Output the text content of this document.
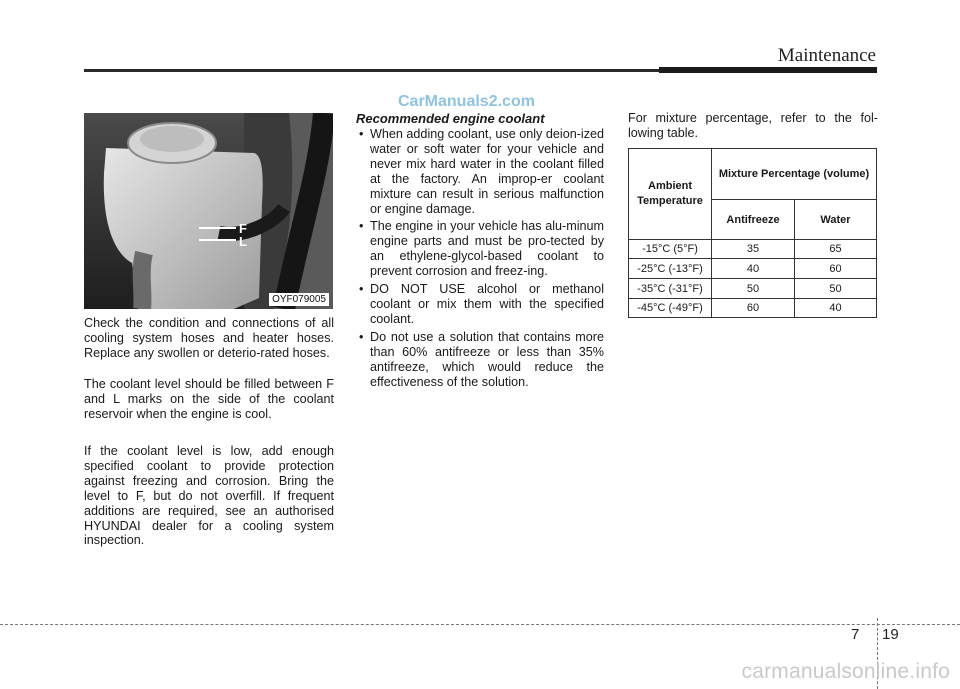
Maintenance
CarManuals2.com
F
L
OYF079005

Check the condition and connections of all cooling system hoses and heater hoses. Replace any swollen or deterio-rated hoses.

The coolant level should be filled between F and L marks on the side of the coolant reservoir when the engine is cool.

If the coolant level is low, add enough specified coolant to provide protection against freezing and corrosion. Bring the level to F, but do not overfill. If frequent additions are required, see an authorised HYUNDAI dealer for a cooling system inspection.

Recommended engine coolant
• When adding coolant, use only deion-ized water or soft water for your vehicle and never mix hard water in the coolant filled at the factory. An improp-er coolant mixture can result in serious malfunction or engine damage.
• The engine in your vehicle has alu-minum engine parts and must be pro-tected by an ethylene-glycol-based coolant to prevent corrosion and freez-ing.
• DO NOT USE alcohol or methanol coolant or mix them with the specified coolant.
• Do not use a solution that contains more than 60% antifreeze or less than 35% antifreeze, which would reduce the effectiveness of the solution.

For mixture percentage, refer to the fol-lowing table.

Ambient Temperature
Mixture Percentage (volume)
Antifreeze	Water
-15°C (5°F)	35	65
-25°C (-13°F)	40	60
-35°C (-31°F)	50	50
-45°C (-49°F)	60	40
7 19
carmanualsonline.info
